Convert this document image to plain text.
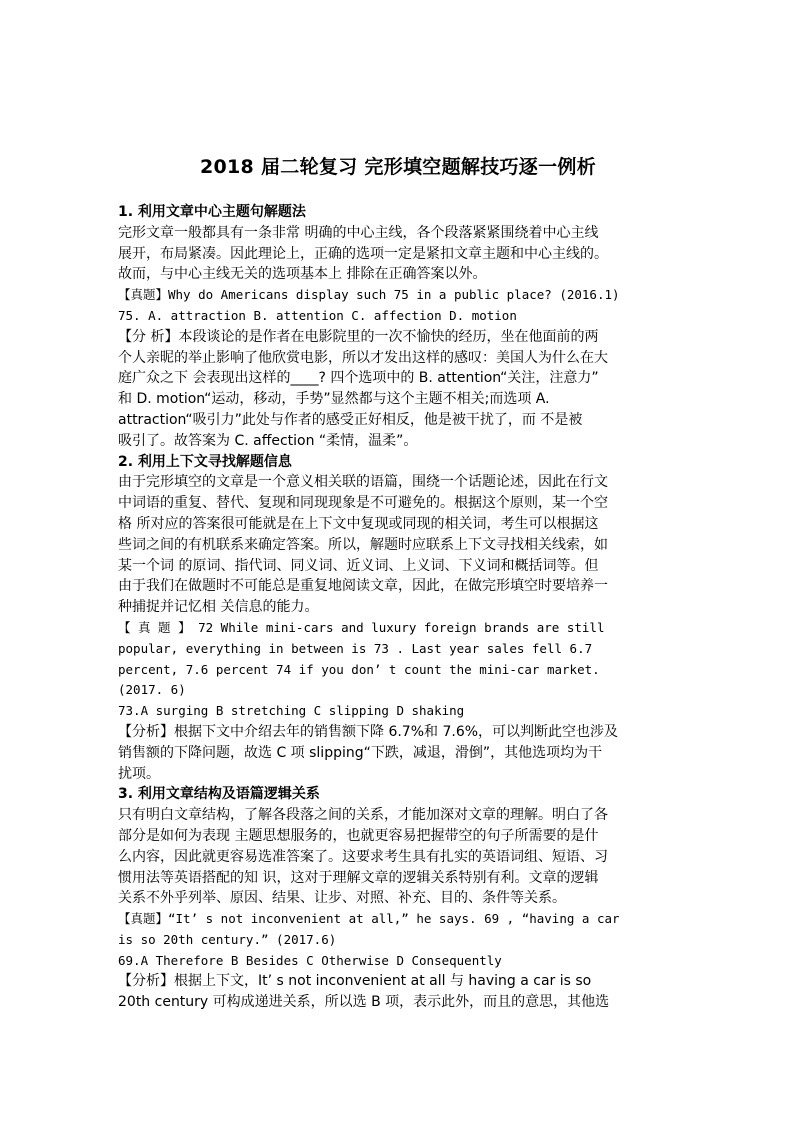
2018 届二轮复习 完形填空题解技巧逐一例析
1. 利用文章中心主题句解题法
完形文章一般都具有一条非常 明确的中心主线，各个段落紧紧围绕着中心主线
展开，布局紧凑。因此理论上，正确的选项一定是紧扣文章主题和中心主线的。
故而，与中心主线无关的选项基本上 排除在正确答案以外。
【真题】Why do Americans display such 75 in a public place? (2016.1)
75. A. attraction B. attention C. affection D. motion
【分 析】本段谈论的是作者在电影院里的一次不愉快的经历，坐在他面前的两
个人亲昵的举止影响了他欣赏电影，所以才发出这样的感叹：美国人为什么在大
庭广众之下 会表现出这样的____? 四个选项中的 B. attention“关注，注意力”
和 D. motion“运动，移动，手势”显然都与这个主题不相关;而选项 A.
attraction“吸引力”此处与作者的感受正好相反，他是被干扰了，而 不是被
吸引了。故答案为 C. affection “柔情，温柔”。
2. 利用上下文寻找解题信息
由于完形填空的文章是一个意义相关联的语篇，围绕一个话题论述，因此在行文
中词语的重复、替代、复现和同现现象是不可避免的。根据这个原则，某一个空
格 所对应的答案很可能就是在上下文中复现或同现的相关词，考生可以根据这
些词之间的有机联系来确定答案。所以，解题时应联系上下文寻找相关线索，如
某一个词 的原词、指代词、同义词、近义词、上义词、下义词和概括词等。但
由于我们在做题时不可能总是重复地阅读文章，因此，在做完形填空时要培养一
种捕捉并记忆相 关信息的能力。
【 真 题 】 72 While mini-cars and luxury foreign brands are still
popular, everything in between is 73 . Last year sales fell 6.7
percent, 7.6 percent 74 if you don’ t count the mini-car market.
(2017. 6)
73.A surging B stretching C slipping D shaking
【分析】根据下文中介绍去年的销售额下降 6.7%和 7.6%，可以判断此空也涉及
销售额的下降问题，故选 C 项 slipping“下跌，减退，滑倒”，其他选项均为干
扰项。
3. 利用文章结构及语篇逻辑关系
只有明白文章结构，了解各段落之间的关系，才能加深对文章的理解。明白了各
部分是如何为表现 主题思想服务的，也就更容易把握带空的句子所需要的是什
么内容，因此就更容易选准答案了。这要求考生具有扎实的英语词组、短语、习
惯用法等英语搭配的知 识，这对于理解文章的逻辑关系特别有利。文章的逻辑
关系不外乎列举、原因、结果、让步、对照、补充、目的、条件等关系。
【真题】“It’ s not inconvenient at all,” he says. 69 , “having a car
is so 20th century.” (2017.6)
69.A Therefore B Besides C Otherwise D Consequently
【分析】根据上下文，It’ s not inconvenient at all 与 having a car is so
20th century 可构成递进关系，所以选 B 项，表示此外，而且的意思，其他选
